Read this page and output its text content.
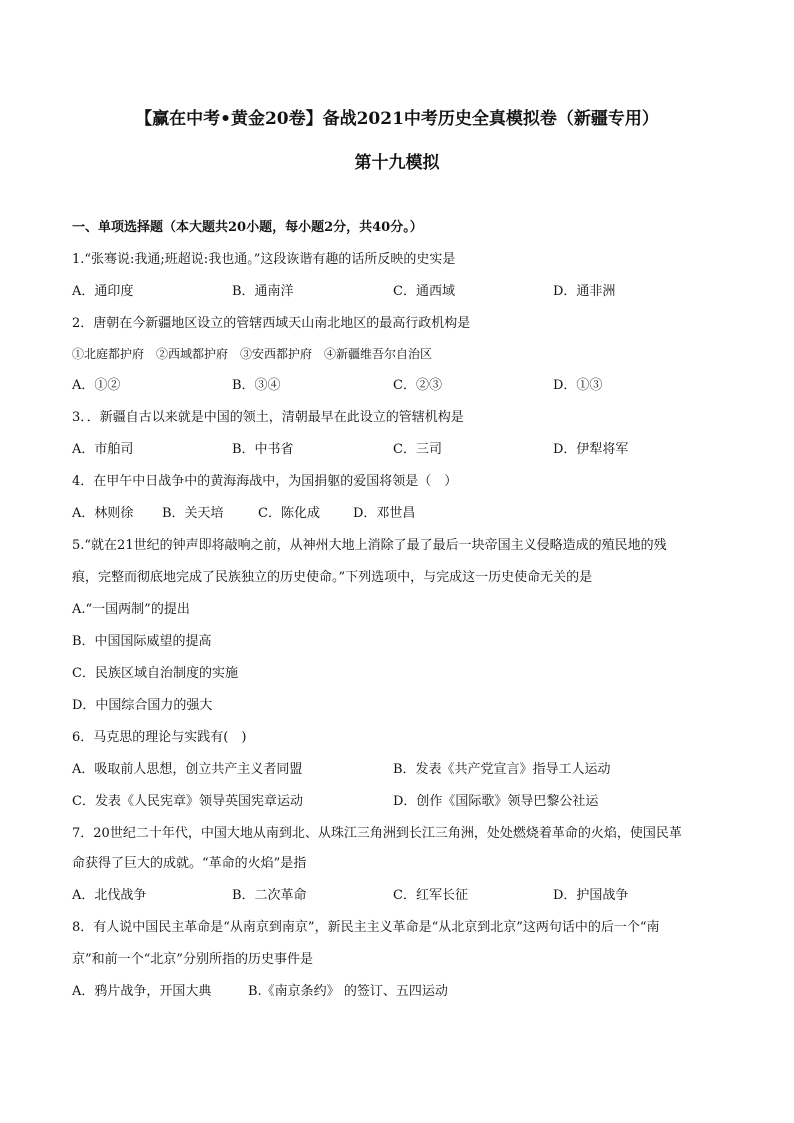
【赢在中考•黄金20卷】备战2021中考历史全真模拟卷（新疆专用）
第十九模拟
一、单项选择题（本大题共20小题，每小题2分，共40分。）
1.“张骞说:我通;班超说:我也通。”这段诙谐有趣的话所反映的史实是
A．通印度	B．通南洋	C．通西域	D．通非洲
2．唐朝在今新疆地区设立的管辖西域天山南北地区的最高行政机构是
①北庭都护府　②西域都护府　③安西都护府　④新疆维吾尔自治区
A．①②	B．③④	C．②③	D．①③
3．．新疆自古以来就是中国的领土，清朝最早在此设立的管辖机构是
A．市舶司	B．中书省	C．三司	D．伊犁将军
4．在甲午中日战争中的黄海海战中，为国捐躯的爱国将领是（　）
A．林则徐 B．关天培	C．陈化成	D．邓世昌
5.“就在21世纪的钟声即将敲响之前，从神州大地上消除了最了最后一块帝国主义侵略造成的殖民地的残
痕，完整而彻底地完成了民族独立的历史使命。”下列选项中，与完成这一历史使命无关的是
A.“一国两制”的提出
B．中国国际威望的提高
C．民族区域自治制度的实施
D．中国综合国力的强大
6．马克思的理论与实践有(　)
A．吸取前人思想，创立共产主义者同盟	B．发表《共产党宣言》指导工人运动
C．发表《人民宪章》领导英国宪章运动	D．创作《国际歌》领导巴黎公社运
7．20世纪二十年代，中国大地从南到北、从珠江三角洲到长江三角洲，处处燃烧着革命的火焰，使国民革
命获得了巨大的成就。“革命的火焰”是指
A．北伐战争	B．二次革命	C．红军长征	D．护国战争
8．有人说中国民主革命是“从南京到南京”，新民主主义革命是“从北京到北京”这两句话中的后一个“南
京”和前一个“北京”分别所指的历史事件是
A．鸦片战争，开国大典	B.《南京条约》 的签订、五四运动
